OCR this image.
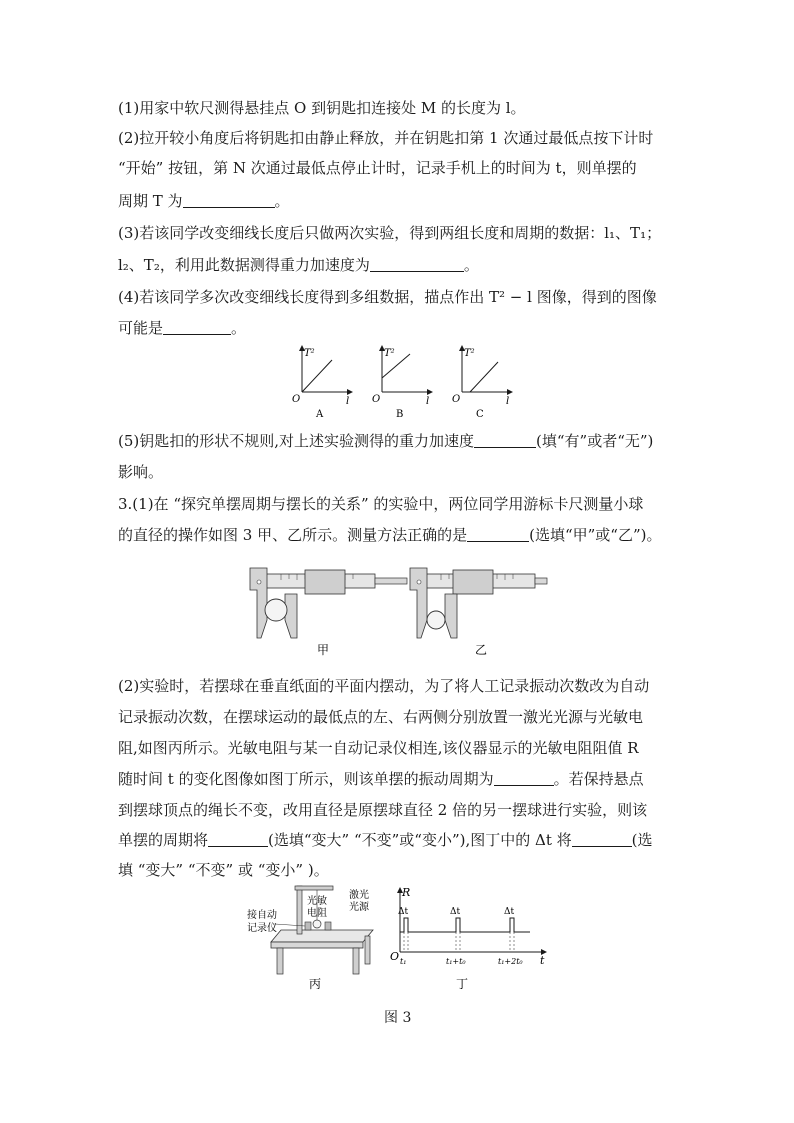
(1)用家中软尺测得悬挂点 O 到钥匙扣连接处 M 的长度为 l。
(2)拉开较小角度后将钥匙扣由静止释放，并在钥匙扣第 1 次通过最低点按下计时
“开始” 按钮，第 N 次通过最低点停止计时，记录手机上的时间为 t，则单摆的
周期 T 为	。
(3)若该同学改变细线长度后只做两次实验，得到两组长度和周期的数据：l₁、T₁；
l₂、T₂，利用此数据测得重力加速度为	。
(4)若该同学多次改变细线长度得到多组数据，描点作出 T² − l 图像，得到的图像
可能是	。
T²
O	l
A
T²
O	l
B
T²
O	l
C
(5)钥匙扣的形状不规则,对上述实验测得的重力加速度	(填“有”或者“无”)
影响。
3.(1)在 “探究单摆周期与摆长的关系” 的实验中，两位同学用游标卡尺测量小球
的直径的操作如图 3 甲、乙所示。测量方法正确的是	(选填“甲”或“乙”)。
甲	乙
(2)实验时，若摆球在垂直纸面的平面内摆动，为了将人工记录振动次数改为自动
记录振动次数，在摆球运动的最低点的左、右两侧分别放置一激光光源与光敏电
阻,如图丙所示。光敏电阻与某一自动记录仪相连,该仪器显示的光敏电阻阻值 R
随时间 t 的变化图像如图丁所示，则该单摆的振动周期为	。若保持悬点
到摆球顶点的绳长不变，改用直径是原摆球直径 2 倍的另一摆球进行实验，则该
单摆的周期将	(选填“变大” “不变”或“变小”),图丁中的 Δt 将	(选
填 “变大” “不变” 或 “变小” )。
接自动
记录仪
光敏
电阻
激光
光源
丙
R
O	t
Δt	Δt	Δt
t₁	t₁+t₀	t₁+2t₀
丁
图 3
